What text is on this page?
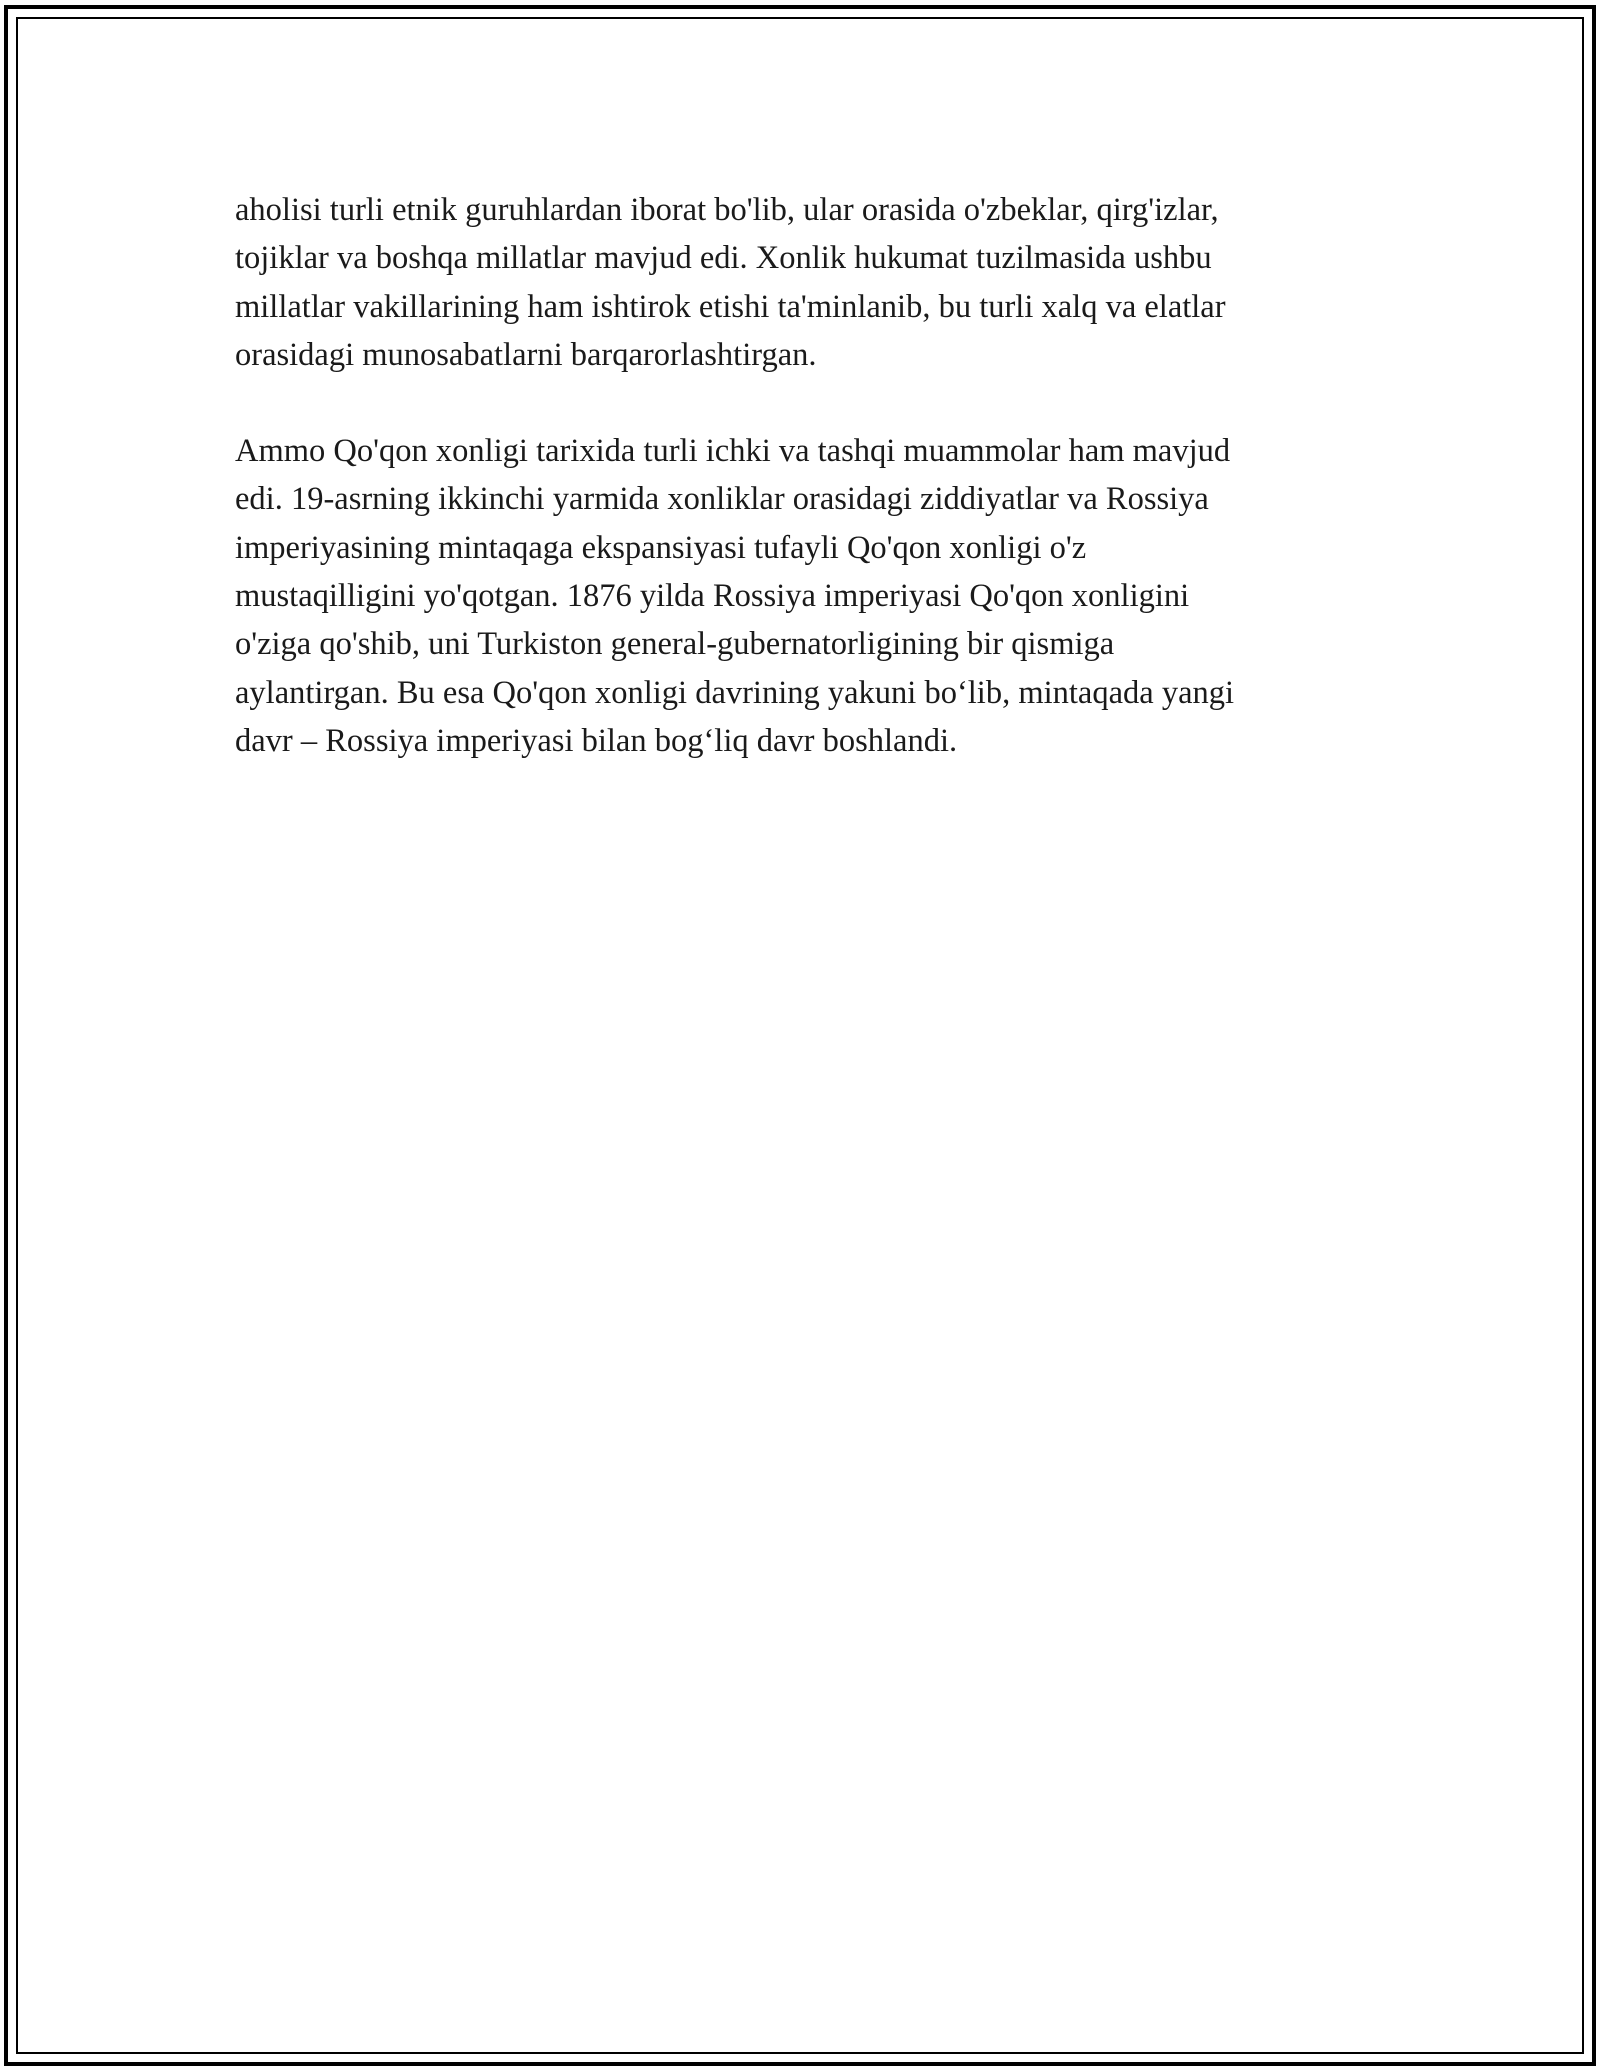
aholisi turli etnik guruhlardan iborat bo'lib, ular orasida o'zbeklar, qirg'izlar,
tojiklar va boshqa millatlar mavjud edi. Xonlik hukumat tuzilmasida ushbu
millatlar vakillarining ham ishtirok etishi ta'minlanib, bu turli xalq va elatlar
orasidagi munosabatlarni barqarorlashtirgan.

Ammo Qo'qon xonligi tarixida turli ichki va tashqi muammolar ham mavjud
edi. 19-asrning ikkinchi yarmida xonliklar orasidagi ziddiyatlar va Rossiya
imperiyasining mintaqaga ekspansiyasi tufayli Qo'qon xonligi o'z
mustaqilligini yo'qotgan. 1876 yilda Rossiya imperiyasi Qo'qon xonligini
o'ziga qo'shib, uni Turkiston general-gubernatorligining bir qismiga
aylantirgan. Bu esa Qo'qon xonligi davrining yakuni bo‘lib, mintaqada yangi
davr – Rossiya imperiyasi bilan bog‘liq davr boshlandi.
